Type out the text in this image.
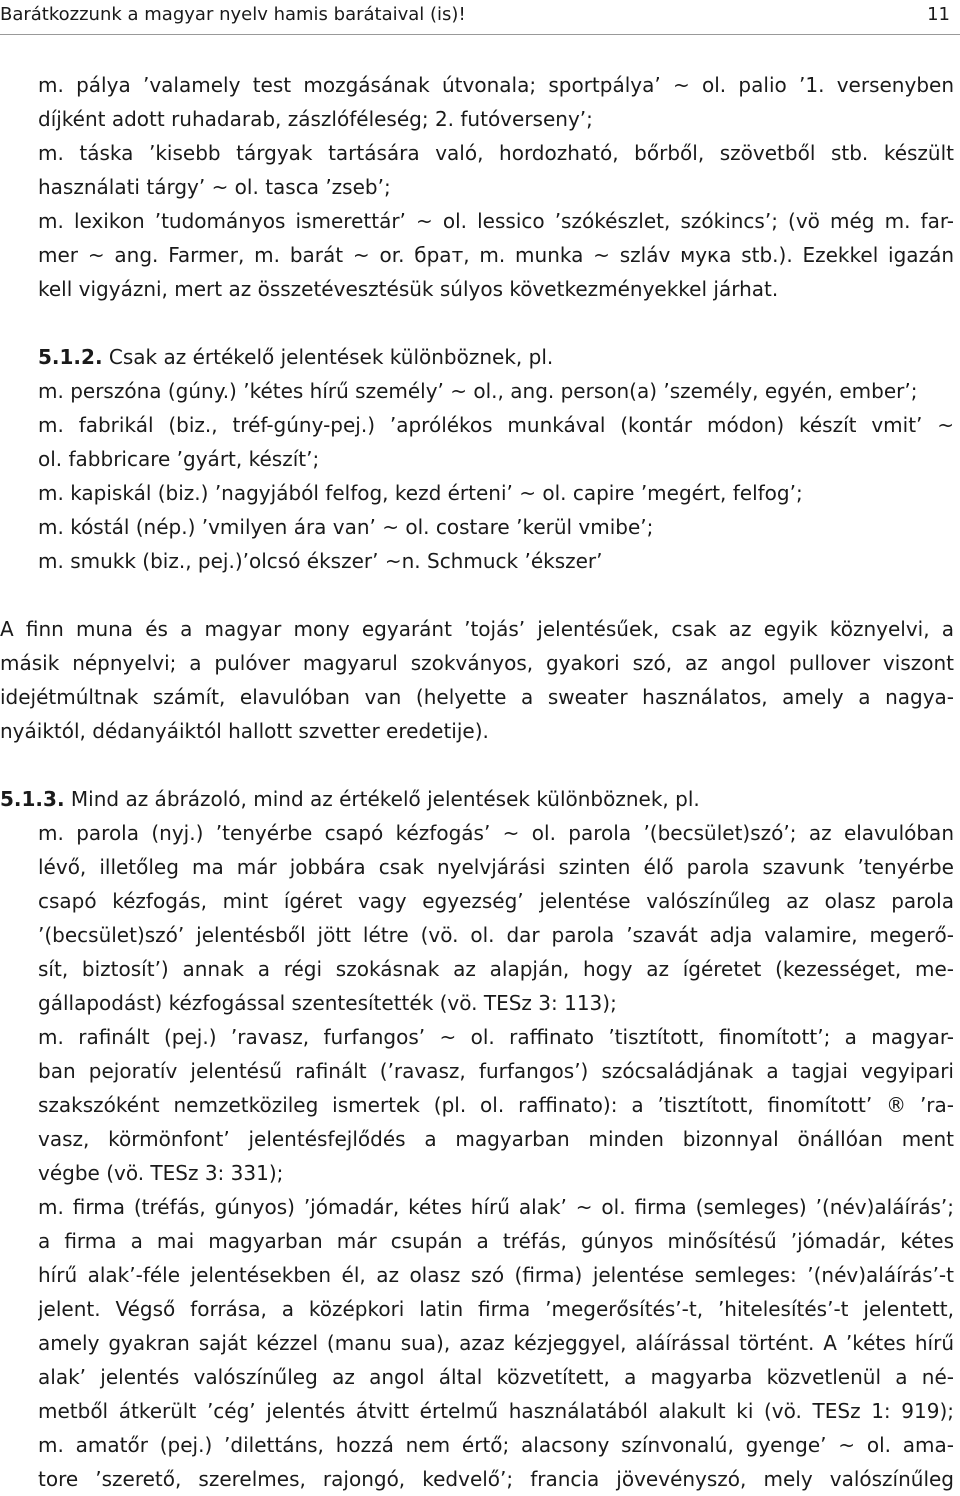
Barátkozzunk a magyar nyelv hamis barátaival (is)!	11
m. pálya ’valamely test mozgásának útvonala; sportpálya’ ~ ol. palio ’1. versenyben
díjként adott ruhadarab, zászlóféleség; 2. futóverseny’;
m. táska ’kisebb tárgyak tartására való, hordozható, bőrből, szövetből stb. készült
használati tárgy’ ~ ol. tasca ’zseb’;
m. lexikon ’tudományos ismerettár’ ~ ol. lessico ’szókészlet, szókincs’; (vö még m. far-
mer ~ ang. Farmer, m. barát ~ or. брат, m. munka ~ szláv мука stb.). Ezekkel igazán
kell vigyázni, mert az összetévesztésük súlyos következményekkel járhat.
5.1.2. Csak az értékelő jelentések különböznek, pl.
m. perszóna (gúny.) ’kétes hírű személy’ ~ ol., ang. person(a) ’személy, egyén, ember’;
m. fabrikál (biz., tréf-gúny-pej.) ’aprólékos munkával (kontár módon) készít vmit’ ~
ol. fabbricare ’gyárt, készít’;
m. kapiskál (biz.) ’nagyjából felfog, kezd érteni’ ~ ol. capire ’megért, felfog’;
m. kóstál (nép.) ’vmilyen ára van’ ~ ol. costare ’kerül vmibe’;
m. smukk (biz., pej.)’olcsó ékszer’ ~n. Schmuck ’ékszer’
A finn muna és a magyar mony egyaránt ’tojás’ jelentésűek, csak az egyik köznyelvi, a
másik népnyelvi; a pulóver magyarul szokványos, gyakori szó, az angol pullover viszont
idejétmúltnak számít, elavulóban van (helyette a sweater használatos, amely a nagya-
nyáiktól, dédanyáiktól hallott szvetter eredetije).
5.1.3. Mind az ábrázoló, mind az értékelő jelentések különböznek, pl.
m. parola (nyj.) ’tenyérbe csapó kézfogás’ ~ ol. parola ’(becsület)szó’; az elavulóban
lévő, illetőleg ma már jobbára csak nyelvjárási szinten élő parola szavunk ’tenyérbe
csapó kézfogás, mint ígéret vagy egyezség’ jelentése valószínűleg az olasz parola
’(becsület)szó’ jelentésből jött létre (vö. ol. dar parola ’szavát adja valamire, megerő-
sít, biztosít’) annak a régi szokásnak az alapján, hogy az ígéretet (kezességet, me-
gállapodást) kézfogással szentesítették (vö. TESz 3: 113);
m. rafinált (pej.) ’ravasz, furfangos’ ~ ol. raffinato ’tisztított, finomított’; a magyar-
ban pejoratív jelentésű rafinált (’ravasz, furfangos’) szócsaládjának a tagjai vegyipari
szakszóként nemzetközileg ismertek (pl. ol. raffinato): a ’tisztított, finomított’ ® ’ra-
vasz, körmönfont’ jelentésfejlődés a magyarban minden bizonnyal önállóan ment
végbe (vö. TESz 3: 331);
m. firma (tréfás, gúnyos) ’jómadár, kétes hírű alak’ ~ ol. firma (semleges) ’(név)aláírás’;
a firma a mai magyarban már csupán a tréfás, gúnyos minősítésű ’jómadár, kétes
hírű alak’-féle jelentésekben él, az olasz szó (firma) jelentése semleges: ’(név)aláírás’-t
jelent. Végső forrása, a középkori latin firma ’megerősítés’-t, ’hitelesítés’-t jelentett,
amely gyakran saját kézzel (manu sua), azaz kézjeggyel, aláírással történt. A ’kétes hírű
alak’ jelentés valószínűleg az angol által közvetített, a magyarba közvetlenül a né-
metből átkerült ’cég’ jelentés átvitt értelmű használatából alakult ki (vö. TESz 1: 919);
m. amatőr (pej.) ’dilettáns, hozzá nem értő; alacsony színvonalú, gyenge’ ~ ol. ama-
tore ’szerető, szerelmes, rajongó, kedvelő’; francia jövevényszó, mely valószínűleg
